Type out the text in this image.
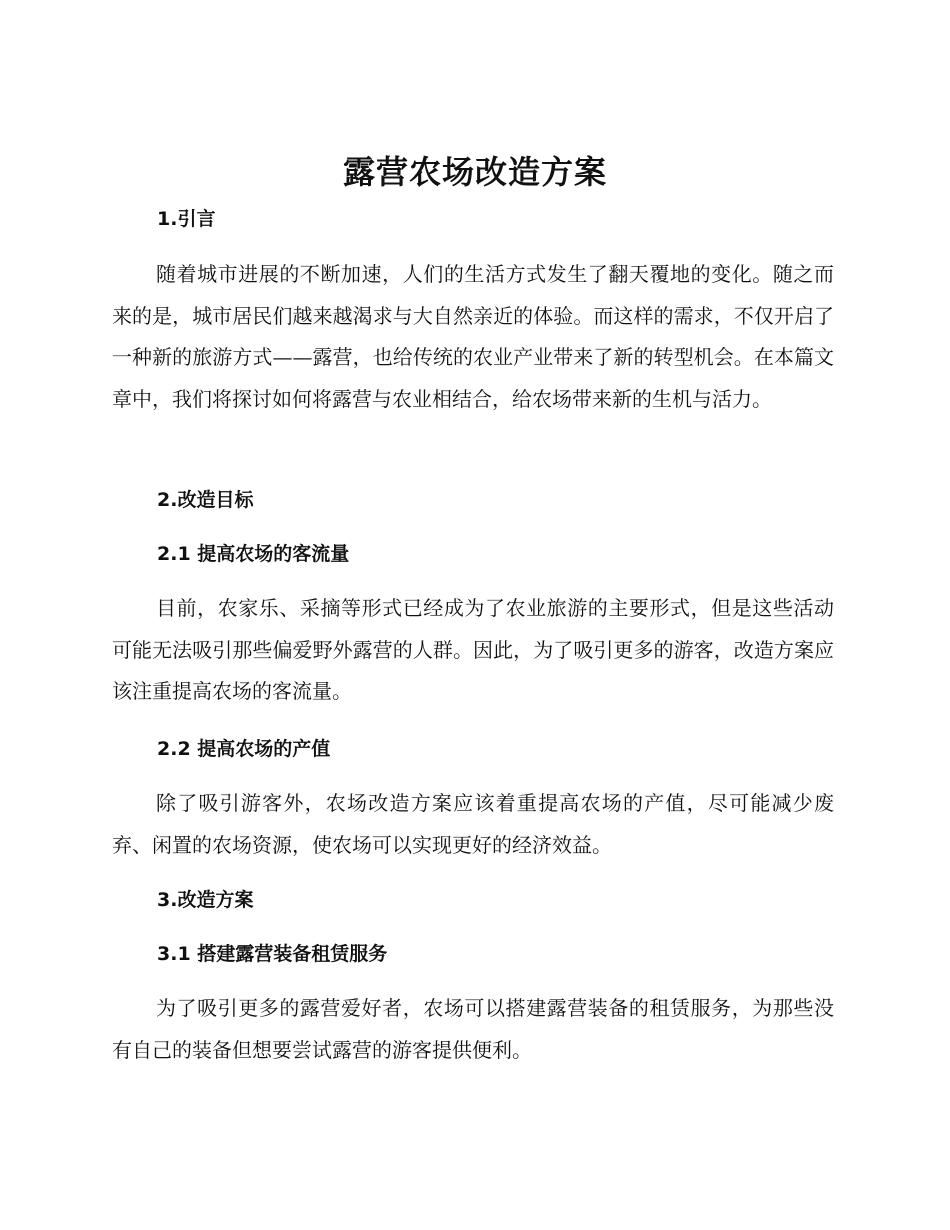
露营农场改造方案
1.引言

随着城市进展的不断加速，人们的生活方式发生了翻天覆地的变化。随之而来的是，城市居民们越来越渴求与大自然亲近的体验。而这样的需求，不仅开启了一种新的旅游方式——露营，也给传统的农业产业带来了新的转型机会。在本篇文章中，我们将探讨如何将露营与农业相结合，给农场带来新的生机与活力。

2.改造目标
2.1 提高农场的客流量

目前，农家乐、采摘等形式已经成为了农业旅游的主要形式，但是这些活动可能无法吸引那些偏爱野外露营的人群。因此，为了吸引更多的游客，改造方案应该注重提高农场的客流量。

2.2 提高农场的产值

除了吸引游客外，农场改造方案应该着重提高农场的产值，尽可能减少废弃、闲置的农场资源，使农场可以实现更好的经济效益。

3.改造方案
3.1 搭建露营装备租赁服务

为了吸引更多的露营爱好者，农场可以搭建露营装备的租赁服务，为那些没有自己的装备但想要尝试露营的游客提供便利。
